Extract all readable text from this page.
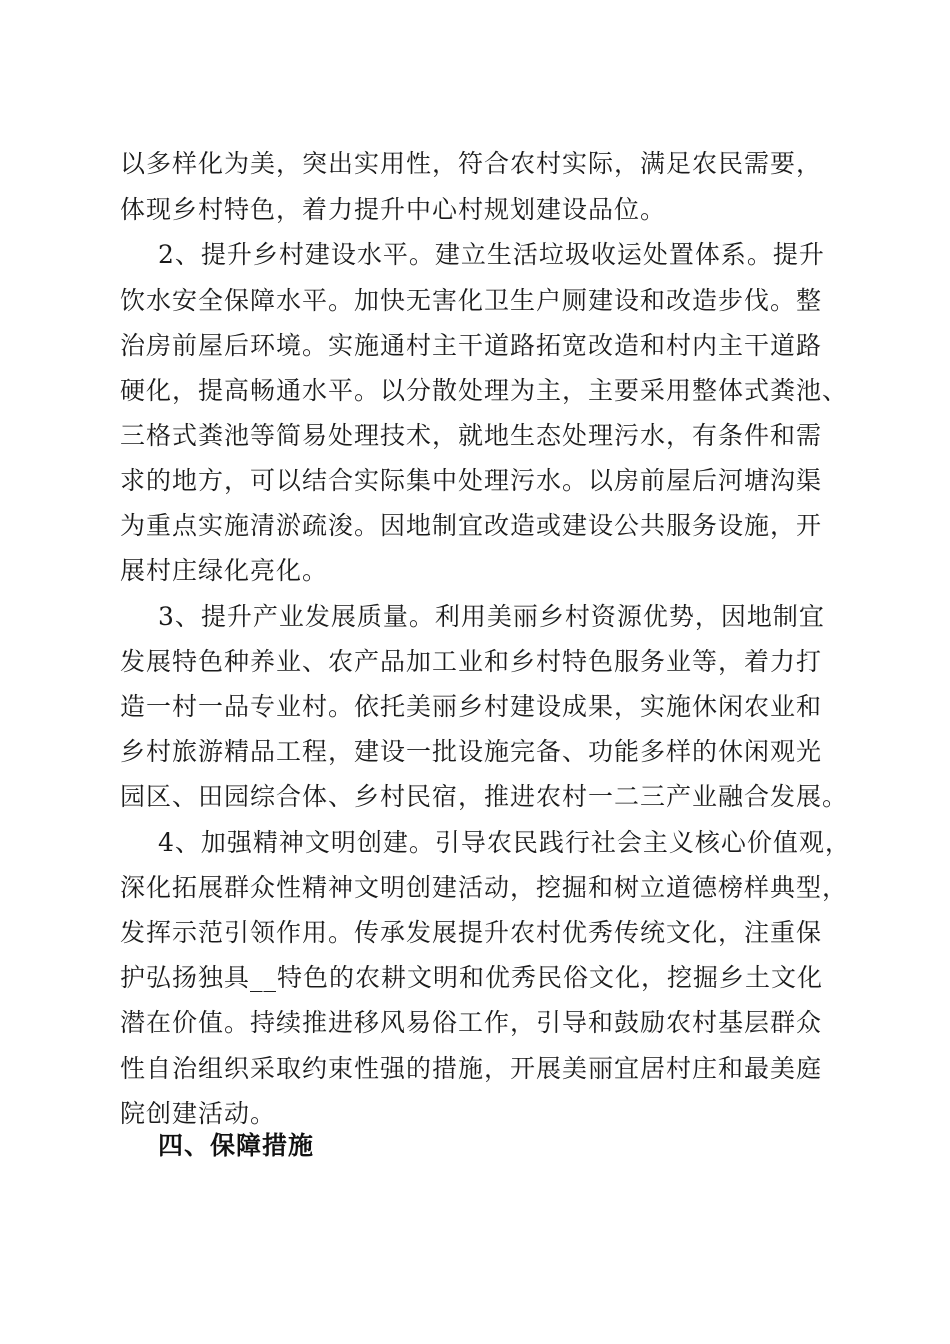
以多样化为美，突出实用性，符合农村实际，满足农民需要，

体现乡村特色，着力提升中心村规划建设品位。

2、提升乡村建设水平。建立生活垃圾收运处置体系。提升

饮水安全保障水平。加快无害化卫生户厕建设和改造步伐。整

治房前屋后环境。实施通村主干道路拓宽改造和村内主干道路

硬化，提高畅通水平。以分散处理为主，主要采用整体式粪池、

三格式粪池等简易处理技术，就地生态处理污水，有条件和需

求的地方，可以结合实际集中处理污水。以房前屋后河塘沟渠

为重点实施清淤疏浚。因地制宜改造或建设公共服务设施，开

展村庄绿化亮化。

3、提升产业发展质量。利用美丽乡村资源优势，因地制宜

发展特色种养业、农产品加工业和乡村特色服务业等，着力打

造一村一品专业村。依托美丽乡村建设成果，实施休闲农业和

乡村旅游精品工程，建设一批设施完备、功能多样的休闲观光

园区、田园综合体、乡村民宿，推进农村一二三产业融合发展。

4、加强精神文明创建。引导农民践行社会主义核心价值观，

深化拓展群众性精神文明创建活动，挖掘和树立道德榜样典型，

发挥示范引领作用。传承发展提升农村优秀传统文化，注重保

护弘扬独具__特色的农耕文明和优秀民俗文化，挖掘乡土文化

潜在价值。持续推进移风易俗工作，引导和鼓励农村基层群众

性自治组织采取约束性强的措施，开展美丽宜居村庄和最美庭

院创建活动。

四、保障措施
